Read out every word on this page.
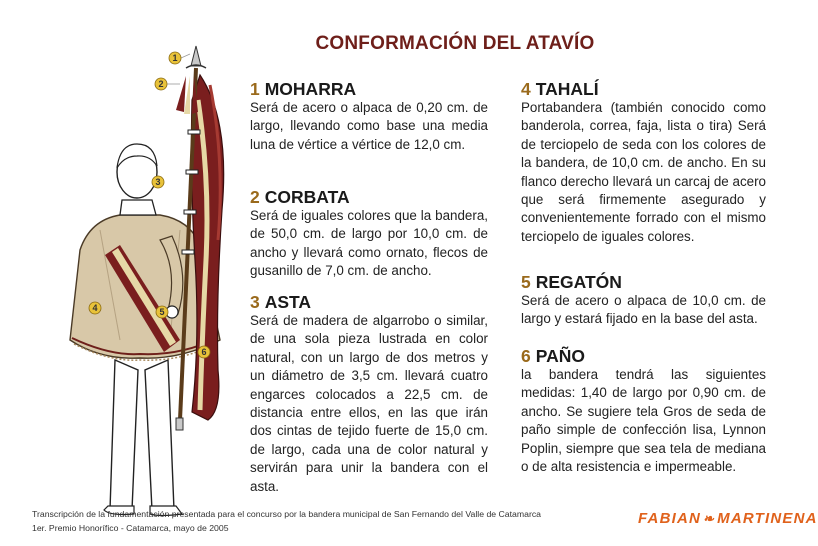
CONFORMACIÓN DEL ATAVÍO
1
2
3
4	5
6
1 MOHARRA

Será de acero o alpaca de 0,20 cm. de largo, llevando como base una media luna de vértice a vértice de 12,0 cm.

2 CORBATA

Será de iguales colores que la bandera, de 50,0 cm. de largo por 10,0 cm. de ancho y llevará como ornato, flecos de gusanillo de 7,0 cm. de ancho.

3 ASTA

Será de madera de algarrobo o similar, de una sola pieza lustrada en color natural, con un largo de dos metros y un diámetro de 3,5 cm. llevará cuatro engarces colocados a 22,5 cm. de distancia entre ellos, en las que irán dos cintas de tejido fuerte de 15,0 cm. de largo, cada una de color natural y servirán para unir la bandera con el asta.

4 TAHALÍ

Portabandera (también conocido como banderola, correa, faja, lista o tira) Será de terciopelo de seda con los colores de la bandera, de 10,0 cm. de ancho. En su flanco derecho llevará un carcaj de acero que será firmemente asegurado y convenientemente forrado con el mismo terciopelo de iguales colores.

5 REGATÓN

Será de acero o alpaca de 10,0 cm. de largo y estará fijado en la base del asta.

6 PAÑO

la bandera tendrá las siguientes medidas: 1,40 de largo por 0,90 cm. de ancho. Se sugiere tela Gros de seda de paño simple de confección lisa, Lynnon Poplin, siempre que sea tela de mediana o de alta resistencia e impermeable.

Transcripción de la fundamentación presentada para el concurso por la bandera municipal de San Fernando del Valle de Catamarca
1er. Premio Honorífico - Catamarca, mayo de 2005
FABIAN ❧ MARTINENA
